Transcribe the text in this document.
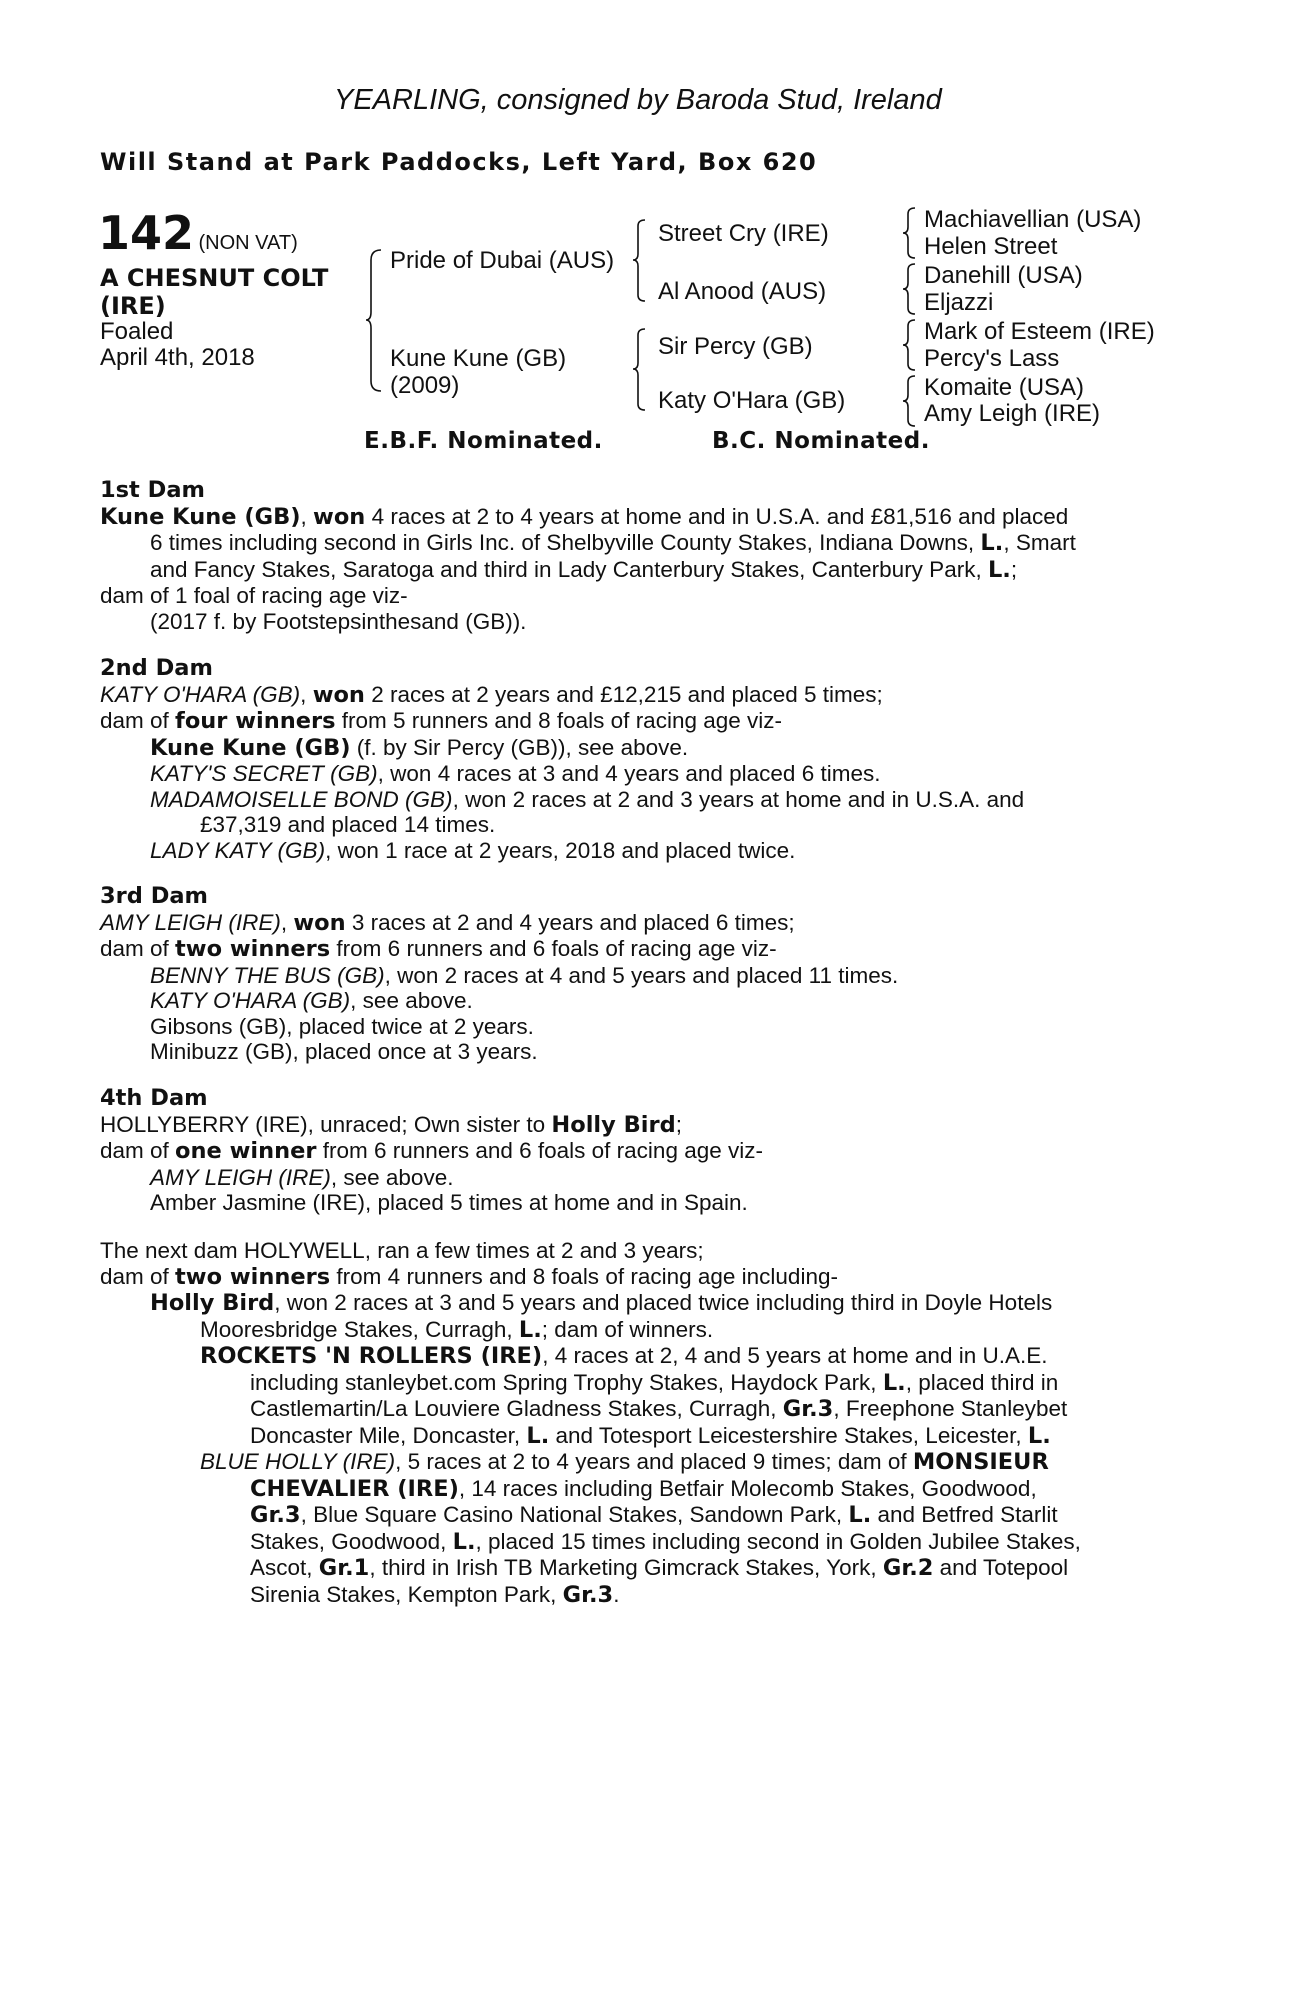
YEARLING, consigned by Baroda Stud, Ireland
Will Stand at Park Paddocks, Left Yard, Box 620
142 (NON VAT)
A CHESNUT COLT
(IRE)
Foaled
April 4th, 2018
Pride of Dubai (AUS)
Kune Kune (GB)
(2009)
Street Cry (IRE)
Al Anood (AUS)
Sir Percy (GB)
Katy O'Hara (GB)
Machiavellian (USA)
Helen Street
Danehill (USA)
Eljazzi
Mark of Esteem (IRE)
Percy's Lass
Komaite (USA)
Amy Leigh (IRE)
E.B.F. Nominated.	B.C. Nominated.
1st Dam
Kune Kune (GB), won 4 races at 2 to 4 years at home and in U.S.A. and £81,516 and placed
6 times including second in Girls Inc. of Shelbyville County Stakes, Indiana Downs, L., Smart
and Fancy Stakes, Saratoga and third in Lady Canterbury Stakes, Canterbury Park, L.;
dam of 1 foal of racing age viz-
(2017 f. by Footstepsinthesand (GB)).
2nd Dam
KATY O'HARA (GB), won 2 races at 2 years and £12,215 and placed 5 times;
dam of four winners from 5 runners and 8 foals of racing age viz-
Kune Kune (GB) (f. by Sir Percy (GB)), see above.
KATY'S SECRET (GB), won 4 races at 3 and 4 years and placed 6 times.
MADAMOISELLE BOND (GB), won 2 races at 2 and 3 years at home and in U.S.A. and
£37,319 and placed 14 times.
LADY KATY (GB), won 1 race at 2 years, 2018 and placed twice.
3rd Dam
AMY LEIGH (IRE), won 3 races at 2 and 4 years and placed 6 times;
dam of two winners from 6 runners and 6 foals of racing age viz-
BENNY THE BUS (GB), won 2 races at 4 and 5 years and placed 11 times.
KATY O'HARA (GB), see above.
Gibsons (GB), placed twice at 2 years.
Minibuzz (GB), placed once at 3 years.
4th Dam
HOLLYBERRY (IRE), unraced; Own sister to Holly Bird;
dam of one winner from 6 runners and 6 foals of racing age viz-
AMY LEIGH (IRE), see above.
Amber Jasmine (IRE), placed 5 times at home and in Spain.
The next dam HOLYWELL, ran a few times at 2 and 3 years;
dam of two winners from 4 runners and 8 foals of racing age including-
Holly Bird, won 2 races at 3 and 5 years and placed twice including third in Doyle Hotels
Mooresbridge Stakes, Curragh, L.; dam of winners.
ROCKETS 'N ROLLERS (IRE), 4 races at 2, 4 and 5 years at home and in U.A.E.
including stanleybet.com Spring Trophy Stakes, Haydock Park, L., placed third in
Castlemartin/La Louviere Gladness Stakes, Curragh, Gr.3, Freephone Stanleybet
Doncaster Mile, Doncaster, L. and Totesport Leicestershire Stakes, Leicester, L.
BLUE HOLLY (IRE), 5 races at 2 to 4 years and placed 9 times; dam of MONSIEUR
CHEVALIER (IRE), 14 races including Betfair Molecomb Stakes, Goodwood,
Gr.3, Blue Square Casino National Stakes, Sandown Park, L. and Betfred Starlit
Stakes, Goodwood, L., placed 15 times including second in Golden Jubilee Stakes,
Ascot, Gr.1, third in Irish TB Marketing Gimcrack Stakes, York, Gr.2 and Totepool
Sirenia Stakes, Kempton Park, Gr.3.
